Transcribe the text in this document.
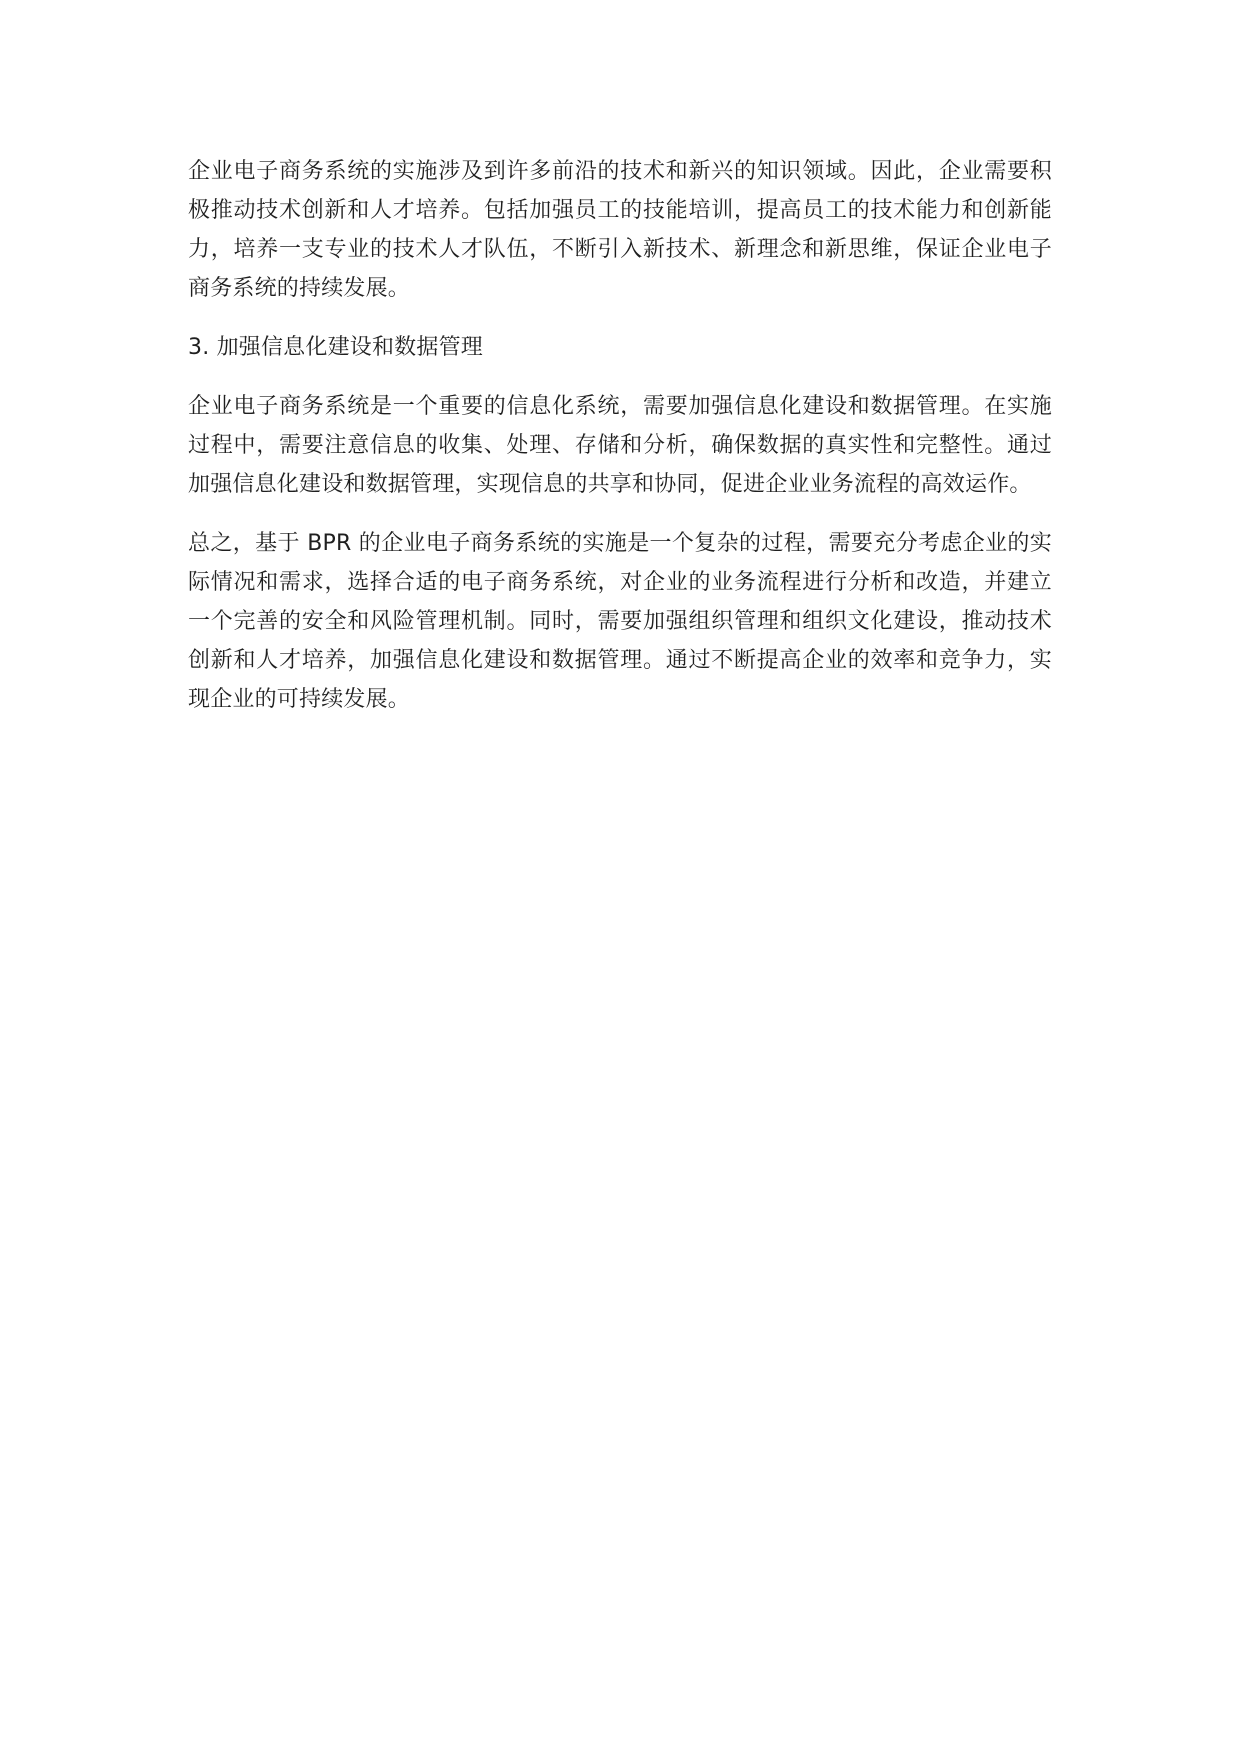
企业电子商务系统的实施涉及到许多前沿的技术和新兴的知识领域。因此，企业需要积极推动技术创新和人才培养。包括加强员工的技能培训，提高员工的技术能力和创新能力，培养一支专业的技术人才队伍，不断引入新技术、新理念和新思维，保证企业电子商务系统的持续发展。

3. 加强信息化建设和数据管理

企业电子商务系统是一个重要的信息化系统，需要加强信息化建设和数据管理。在实施过程中，需要注意信息的收集、处理、存储和分析，确保数据的真实性和完整性。通过加强信息化建设和数据管理，实现信息的共享和协同，促进企业业务流程的高效运作。

总之，基于 BPR 的企业电子商务系统的实施是一个复杂的过程，需要充分考虑企业的实际情况和需求，选择合适的电子商务系统，对企业的业务流程进行分析和改造，并建立一个完善的安全和风险管理机制。同时，需要加强组织管理和组织文化建设，推动技术创新和人才培养，加强信息化建设和数据管理。通过不断提高企业的效率和竞争力，实现企业的可持续发展。
